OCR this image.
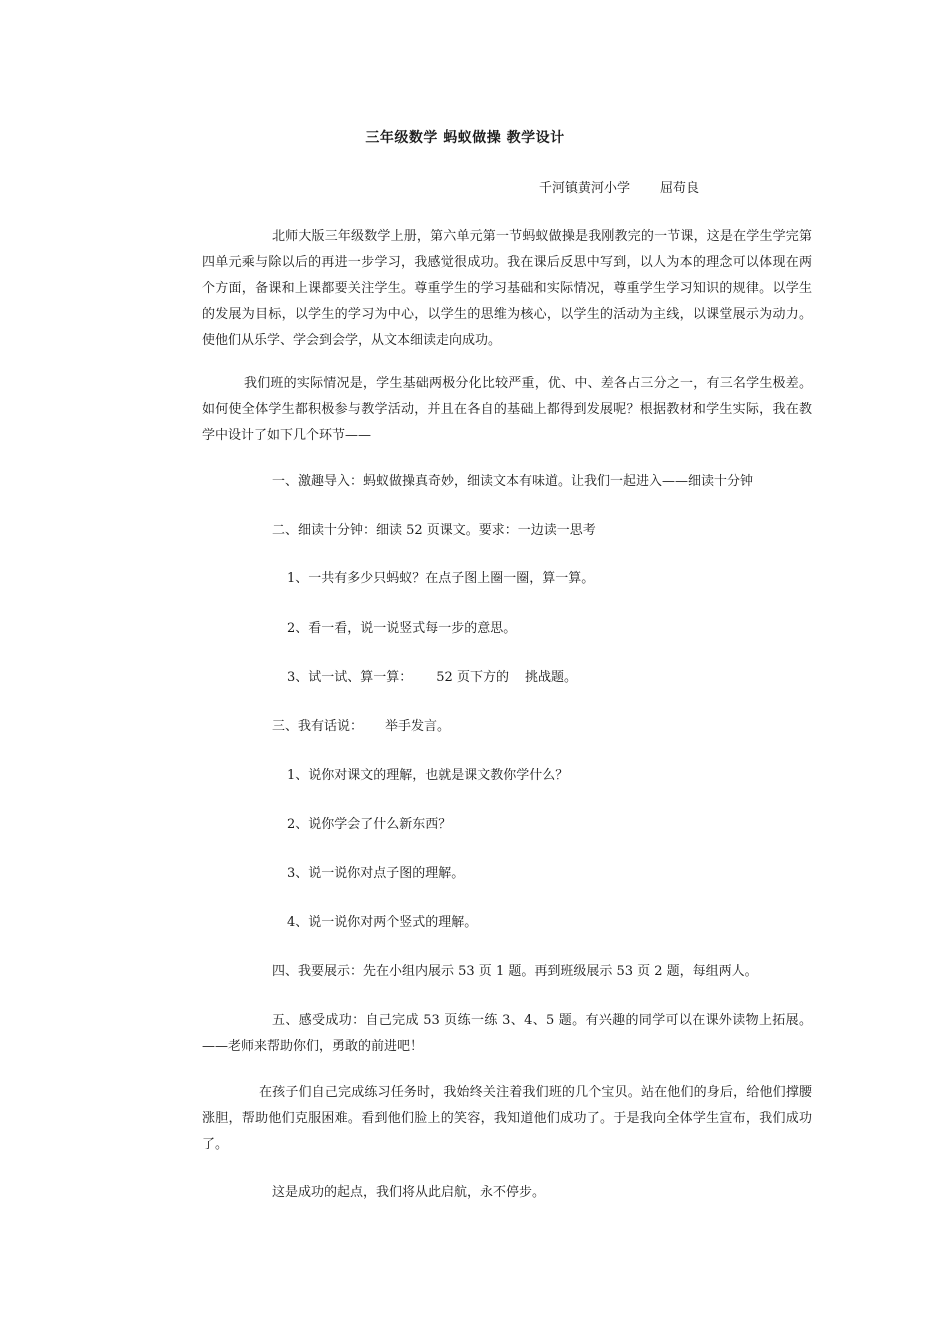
三年级数学 蚂蚁做操 教学设计
千河镇黄河小学 屈苟良

北师大版三年级数学上册，第六单元第一节蚂蚁做操是我刚教完的一节课，这是在学生学完第四单元乘与除以后的再进一步学习，我感觉很成功。我在课后反思中写到，以人为本的理念可以体现在两个方面，备课和上课都要关注学生。尊重学生的学习基础和实际情况，尊重学生学习知识的规律。以学生的发展为目标，以学生的学习为中心，以学生的思维为核心，以学生的活动为主线，以课堂展示为动力。使他们从乐学、学会到会学，从文本细读走向成功。

我们班的实际情况是，学生基础两极分化比较严重，优、中、差各占三分之一，有三名学生极差。如何使全体学生都积极参与教学活动，并且在各自的基础上都得到发展呢？根据教材和学生实际，我在教学中设计了如下几个环节——

一、激趣导入：蚂蚁做操真奇妙，细读文本有味道。让我们一起进入——细读十分钟

二、细读十分钟：细读 52 页课文。要求：一边读一思考

1、一共有多少只蚂蚁？在点子图上圈一圈，算一算。

2、看一看，说一说竖式每一步的意思。

3、试一试、算一算： 52 页下方的 挑战题。

三、我有话说： 举手发言。

1、说你对课文的理解，也就是课文教你学什么？

2、说你学会了什么新东西？

3、说一说你对点子图的理解。

4、说一说你对两个竖式的理解。

四、我要展示：先在小组内展示 53 页 1 题。再到班级展示 53 页 2 题，每组两人。

五、感受成功：自己完成 53 页练一练 3、4、5 题。有兴趣的同学可以在课外读物上拓展。——老师来帮助你们，勇敢的前进吧！

在孩子们自己完成练习任务时，我始终关注着我们班的几个宝贝。站在他们的身后，给他们撑腰涨胆，帮助他们克服困难。看到他们脸上的笑容，我知道他们成功了。于是我向全体学生宣布，我们成功了。

这是成功的起点，我们将从此启航，永不停步。
